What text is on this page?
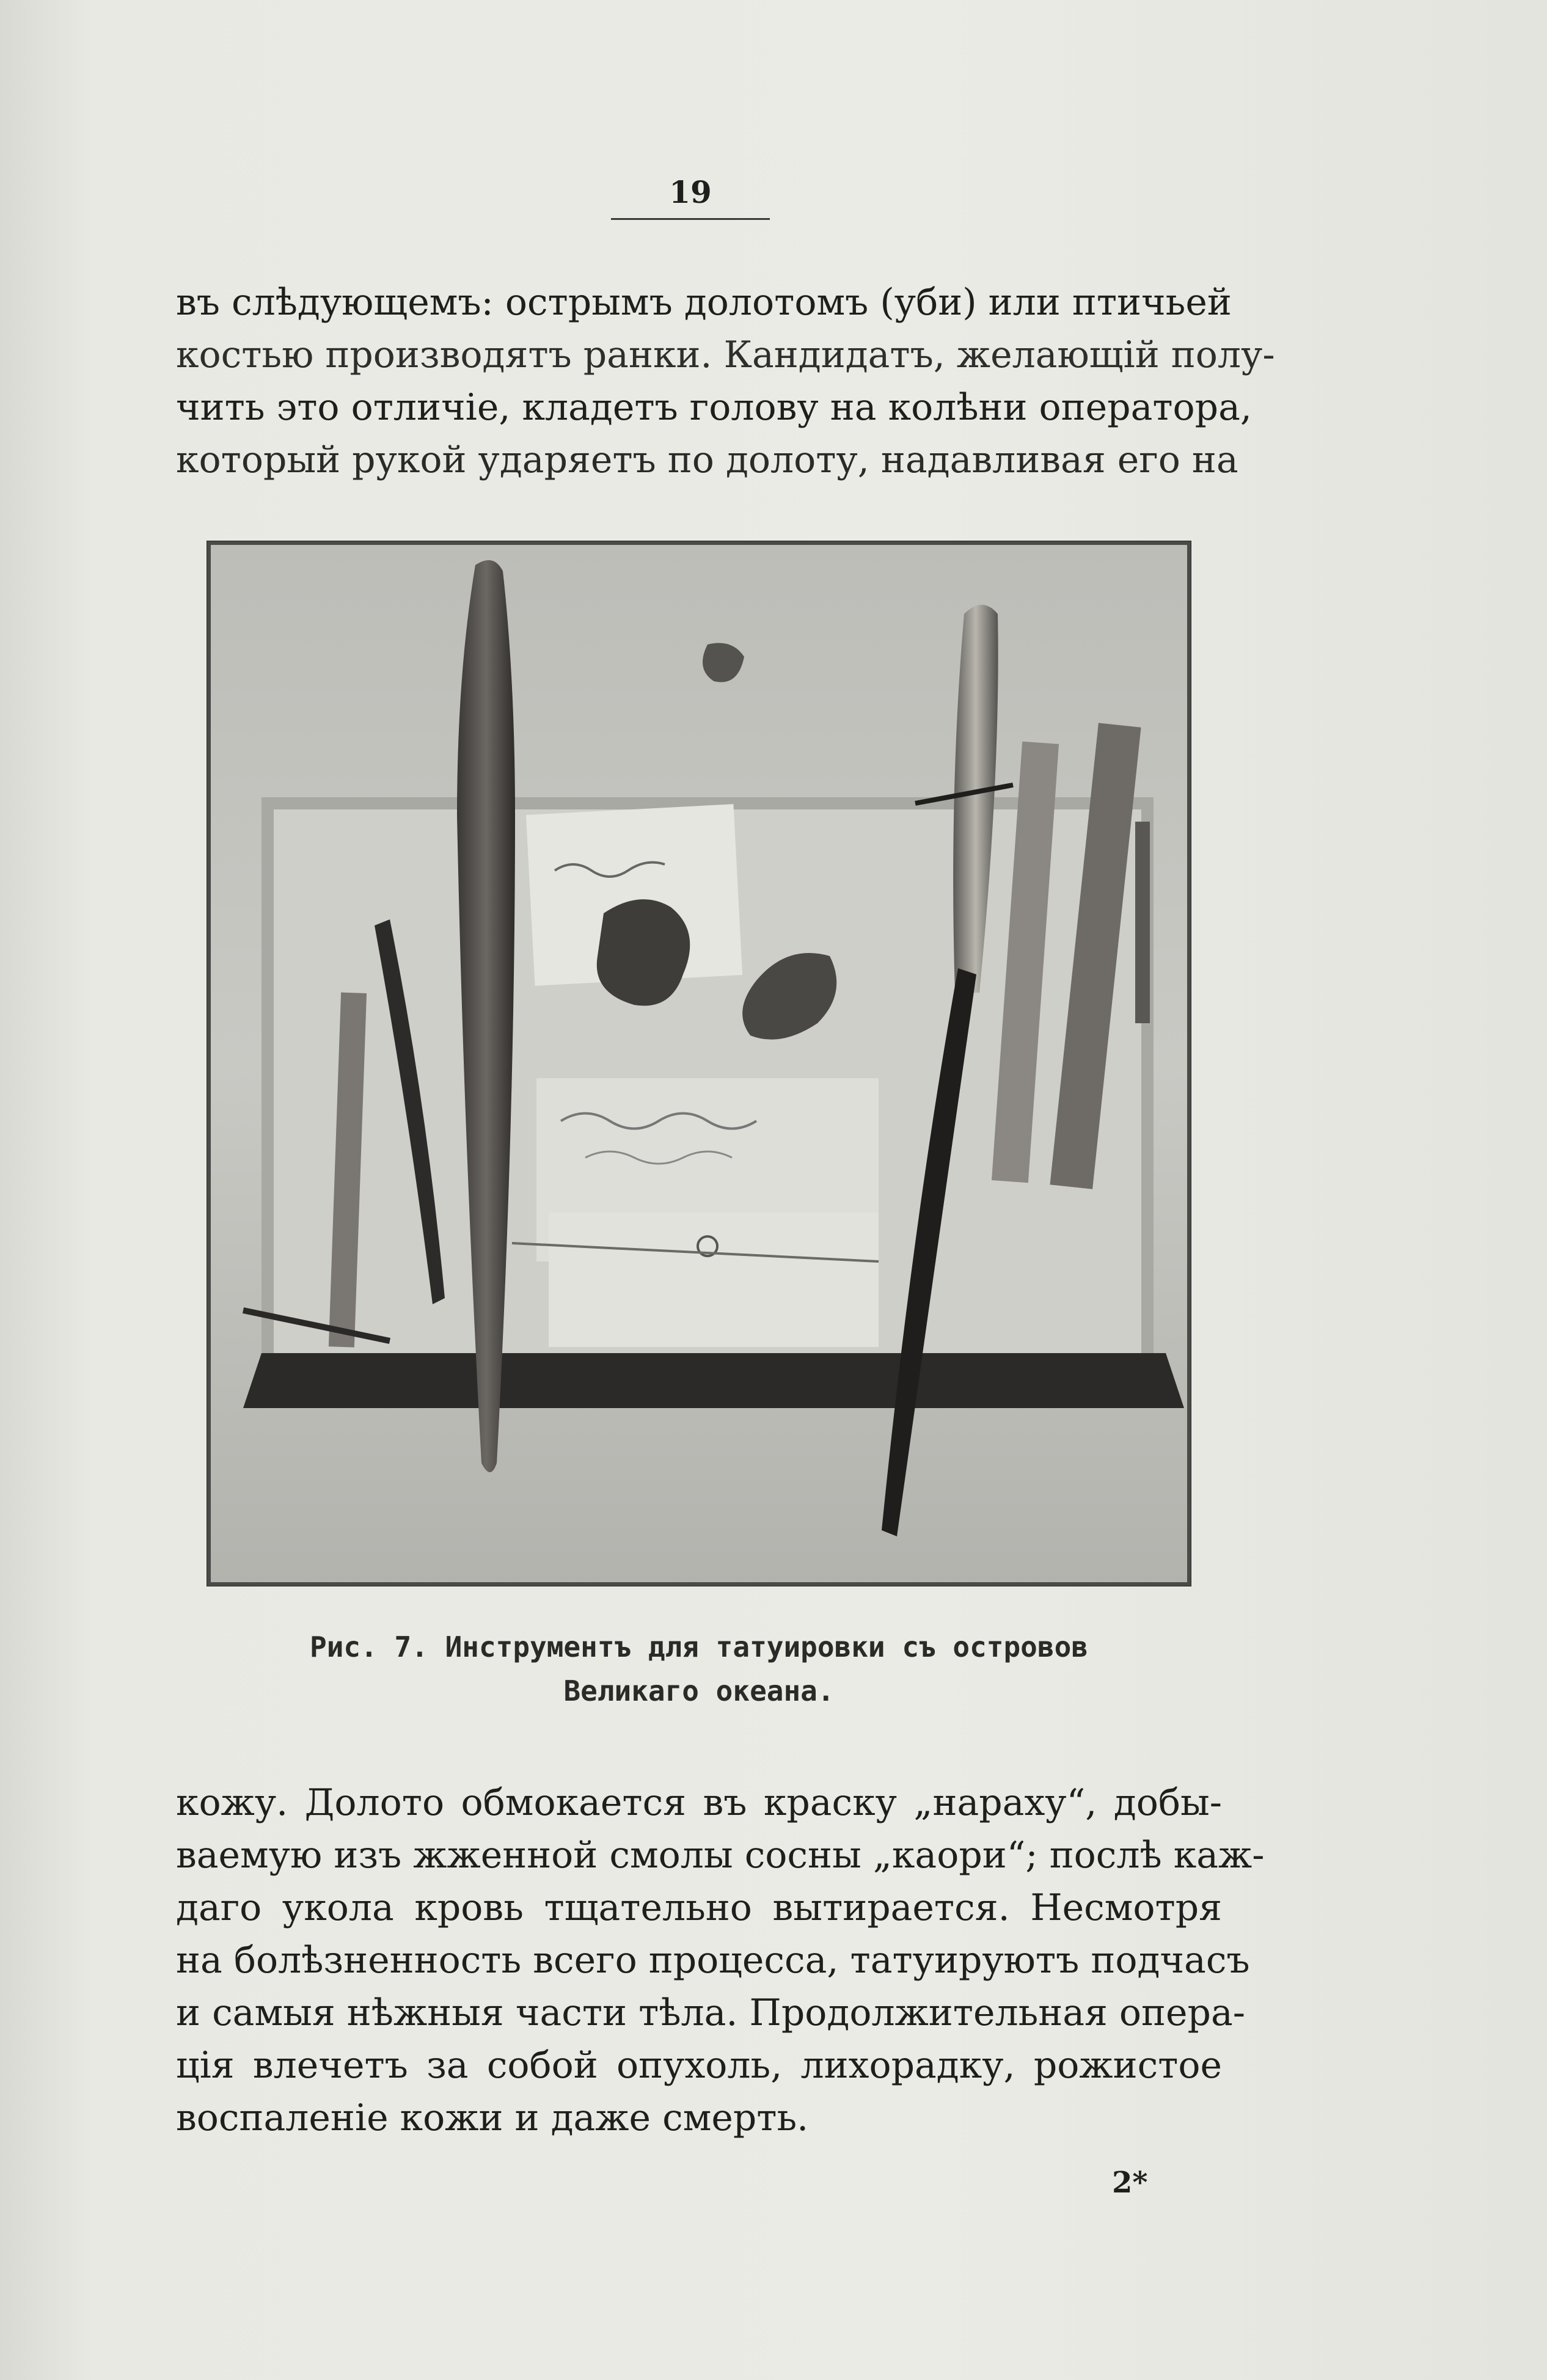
19
въ слѣдующемъ: острымъ долотомъ (уби) или птичьей
костью производятъ ранки. Кандидатъ, желающій полу-
чить это отличіе, кладетъ голову на колѣни оператора,
который рукой ударяетъ по долоту, надавливая его на
Рис. 7. Инструментъ для татуировки съ островов
Великаго океана.
кожу. Долото обмокается въ краску „нараху“, добы-
ваемую изъ жженной смолы сосны „каори“; послѣ каж-
даго укола кровь тщательно вытирается. Несмотря
на болѣзненность всего процесса, татуируютъ подчасъ
и самыя нѣжныя части тѣла. Продолжительная опера-
ція влечетъ за собой опухоль, лихорадку, рожистое
воспаленіе кожи и даже смерть.
2*
